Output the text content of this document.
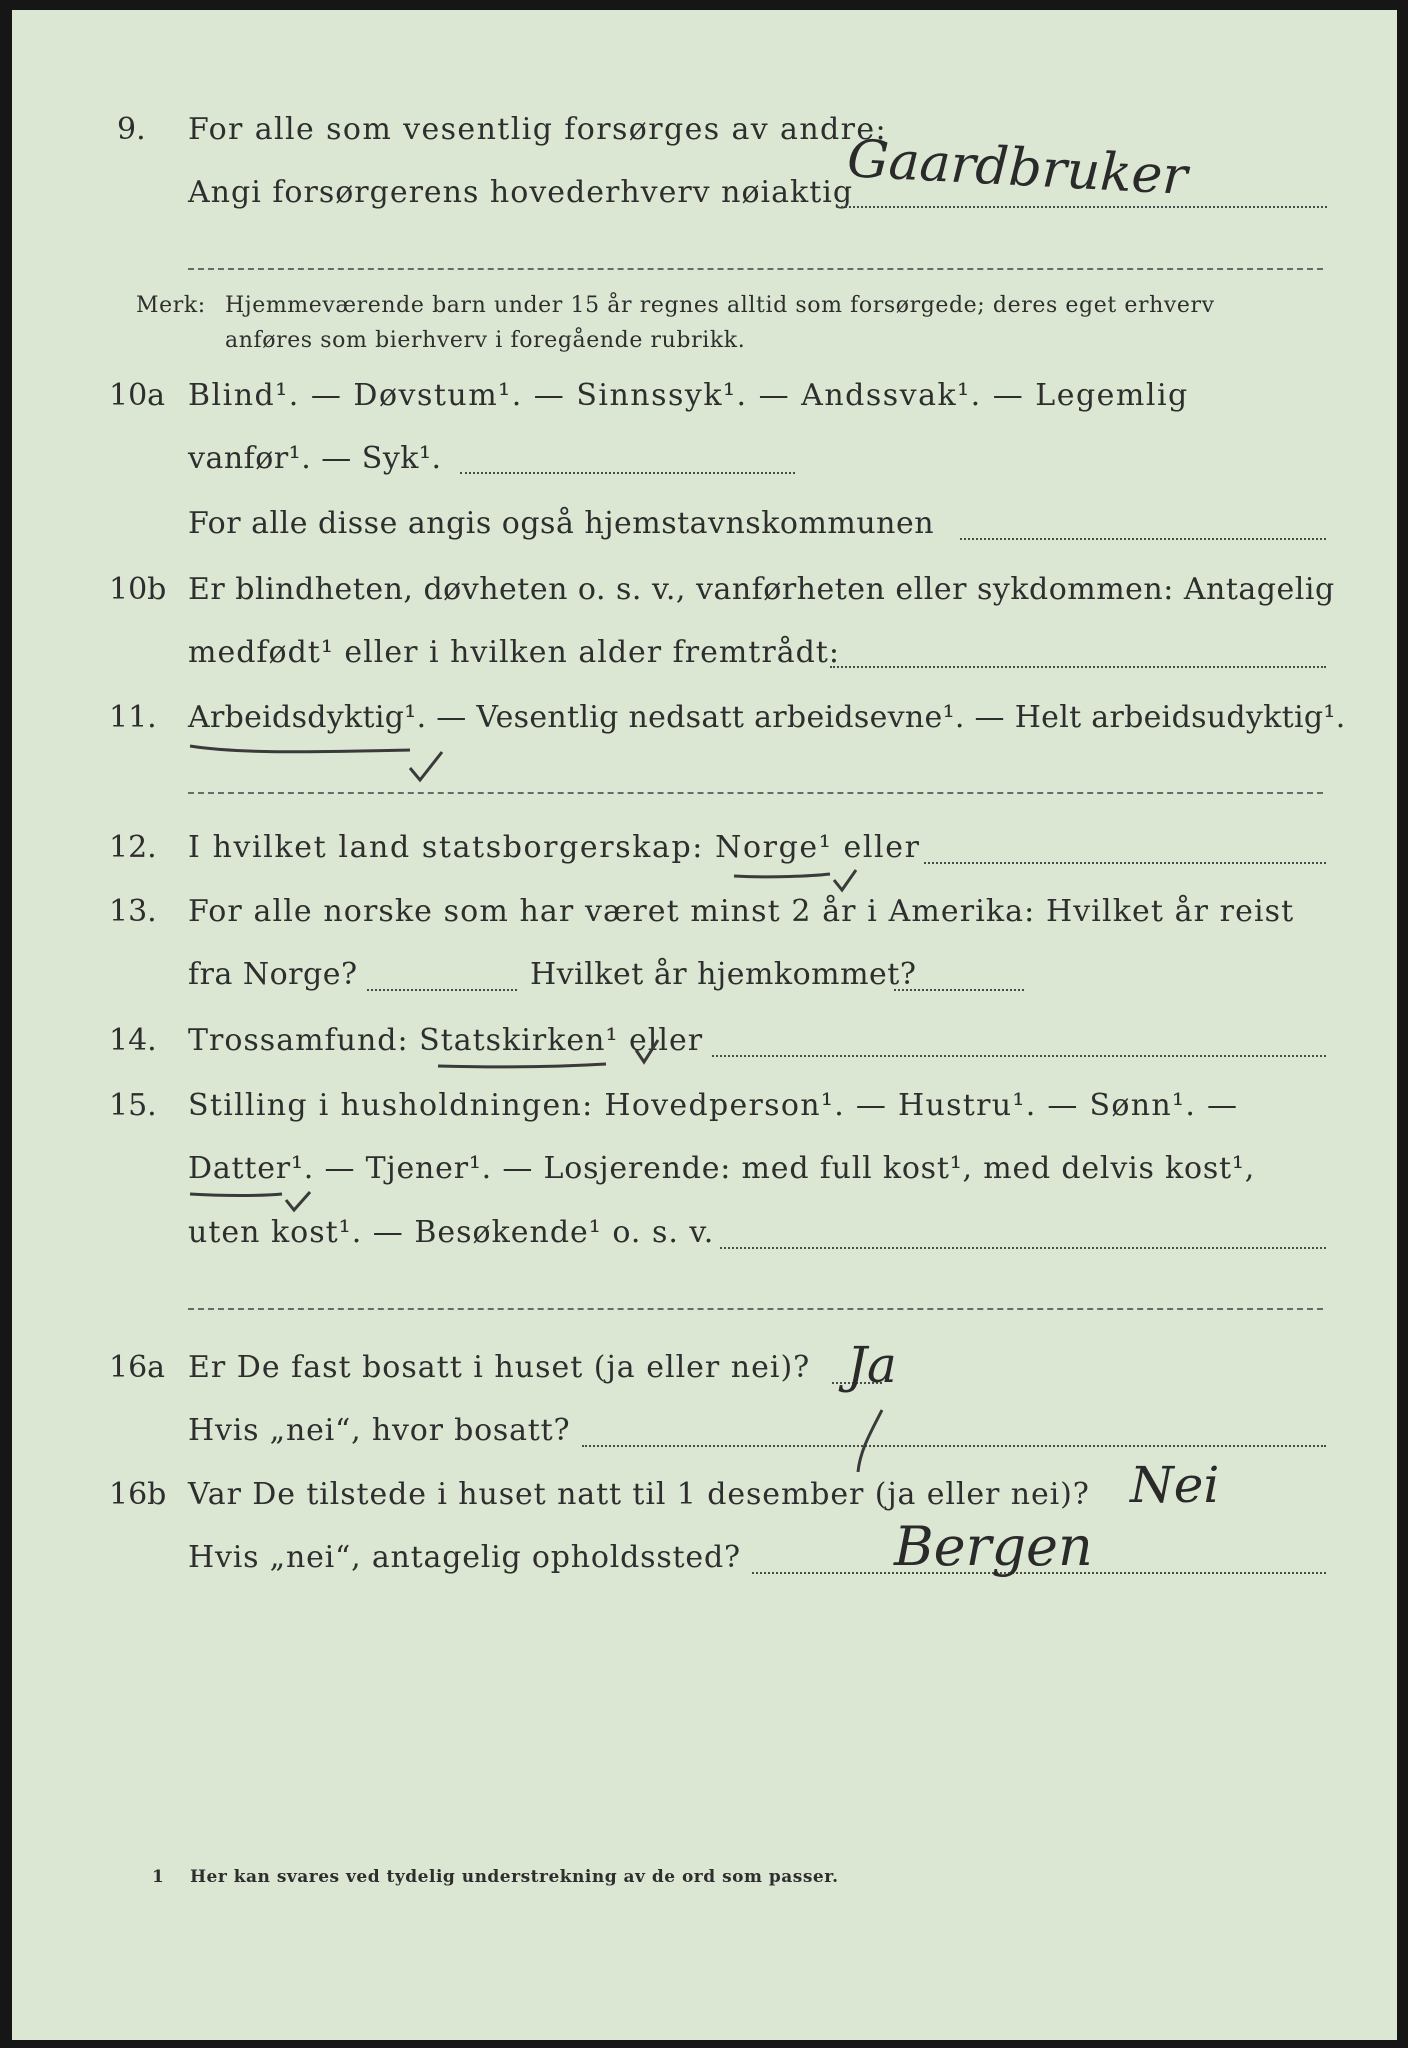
9. For alle som vesentlig forsørges av andre:
Angi forsørgerens hovederhverv nøiaktig
Gaardbruker
Merk: Hjemmeværende barn under 15 år regnes alltid som forsørgede; deres eget erhverv
anføres som bierhverv i foregående rubrikk.
10a Blind¹. — Døvstum¹. — Sinnssyk¹. — Andssvak¹. — Legemlig
vanfør¹. — Syk¹.
For alle disse angis også hjemstavnskommunen
10b Er blindheten, døvheten o. s. v., vanførheten eller sykdommen: Antagelig
medfødt¹ eller i hvilken alder fremtrådt:
11. Arbeidsdyktig¹. — Vesentlig nedsatt arbeidsevne¹. — Helt arbeidsudyktig¹.
12. I hvilket land statsborgerskap: Norge¹ eller
13. For alle norske som har været minst 2 år i Amerika: Hvilket år reist
fra Norge?	Hvilket år hjemkommet?
14. Trossamfund: Statskirken¹ eller
15. Stilling i husholdningen: Hovedperson¹. — Hustru¹. — Sønn¹. —
Datter¹. — Tjener¹. — Losjerende: med full kost¹, med delvis kost¹,
uten kost¹. — Besøkende¹ o. s. v.
16a Er De fast bosatt i huset (ja eller nei)? Ja
Hvis „nei“, hvor bosatt?
16b Var De tilstede i huset natt til 1 desember (ja eller nei)? Nei
Hvis „nei“, antagelig opholdssted?	Bergen
1 Her kan svares ved tydelig understrekning av de ord som passer.
